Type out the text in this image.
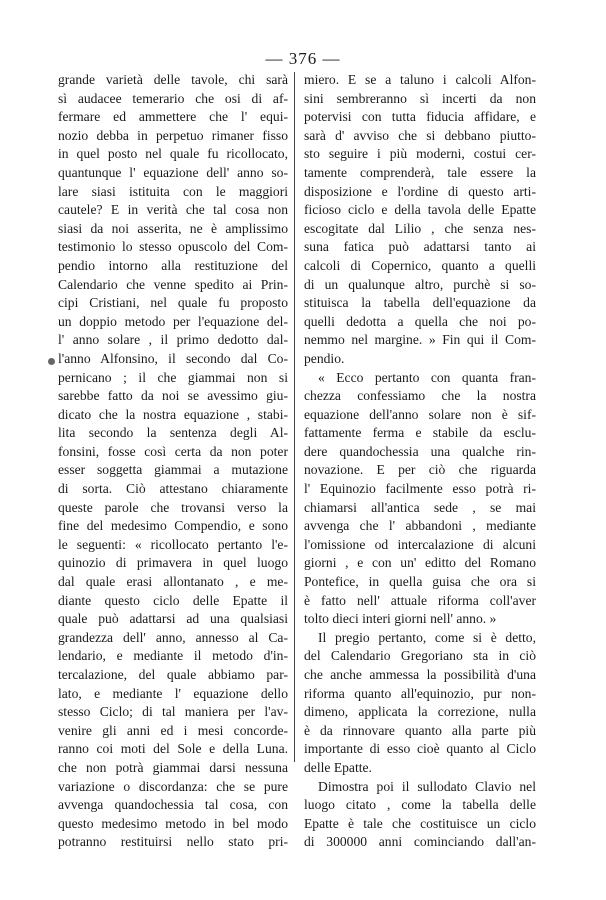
— 376 —
grande varietà delle tavole, chi sarà
sì audacee temerario che osi di af-
fermare ed ammettere che l' equi-
nozio debba in perpetuo rimaner fisso
in quel posto nel quale fu ricollocato,
quantunque l' equazione dell' anno so-
lare siasi istituita con le maggiori
cautele? E in verità che tal cosa non
siasi da noi asserita, ne è amplissimo
testimonio lo stesso opuscolo del Com-
pendio intorno alla restituzione del
Calendario che venne spedito ai Prin-
cipi Cristiani, nel quale fu proposto
un doppio metodo per l'equazione del-
l' anno solare , il primo dedotto dal-
l'anno Alfonsino, il secondo dal Co-
pernicano ; il che giammai non si
sarebbe fatto da noi se avessimo giu-
dicato che la nostra equazione , stabi-
lita secondo la sentenza degli Al-
fonsini, fosse così certa da non poter
esser soggetta giammai a mutazione
di sorta. Ciò attestano chiaramente
queste parole che trovansi verso la
fine del medesimo Compendio, e sono
le seguenti: « ricollocato pertanto l'e-
quinozio di primavera in quel luogo
dal quale erasi allontanato , e me-
diante questo ciclo delle Epatte il
quale può adattarsi ad una qualsiasi
grandezza dell' anno, annesso al Ca-
lendario, e mediante il metodo d'in-
tercalazione, del quale abbiamo par-
lato, e mediante l' equazione dello
stesso Ciclo; di tal maniera per l'av-
venire gli anni ed i mesi concorde-
ranno coi moti del Sole e della Luna.
che non potrà giammai darsi nessuna
variazione o discordanza: che se pure
avvenga quandochessia tal cosa, con
questo medesimo metodo in bel modo
potranno restituirsi nello stato pri-
miero. E se a taluno i calcoli Alfon-
sini sembreranno sì incerti da non
potervisi con tutta fiducia affidare, e
sarà d' avviso che si debbano piutto-
sto seguire i più moderni, costui cer-
tamente comprenderà, tale essere la
disposizione e l'ordine di questo arti-
ficioso ciclo e della tavola delle Epatte
escogitate dal Lilio , che senza nes-
suna fatica può adattarsi tanto ai
calcoli di Copernico, quanto a quelli
di un qualunque altro, purchè si so-
stituisca la tabella dell'equazione da
quelli dedotta a quella che noi po-
nemmo nel margine. » Fin qui il Com-
pendio.
« Ecco pertanto con quanta fran-
chezza confessiamo che la nostra
equazione dell'anno solare non è sif-
fattamente ferma e stabile da esclu-
dere quandochessia una qualche rin-
novazione. E per ciò che riguarda
l' Equinozio facilmente esso potrà ri-
chiamarsi all'antica sede , se mai
avvenga che l' abbandoni , mediante
l'omissione od intercalazione di alcuni
giorni , e con un' editto del Romano
Pontefice, in quella guisa che ora si
è fatto nell' attuale riforma coll'aver
tolto dieci interi giorni nell' anno. »
Il pregio pertanto, come si è detto,
del Calendario Gregoriano sta in ciò
che anche ammessa la possibilità d'una
riforma quanto all'equinozio, pur non-
dimeno, applicata la correzione, nulla
è da rinnovare quanto alla parte più
importante di esso cioè quanto al Ciclo
delle Epatte.
Dimostra poi il sullodato Clavio nel
luogo citato , come la tabella delle
Epatte è tale che costituisce un ciclo
di 300000 anni cominciando dall'an-
